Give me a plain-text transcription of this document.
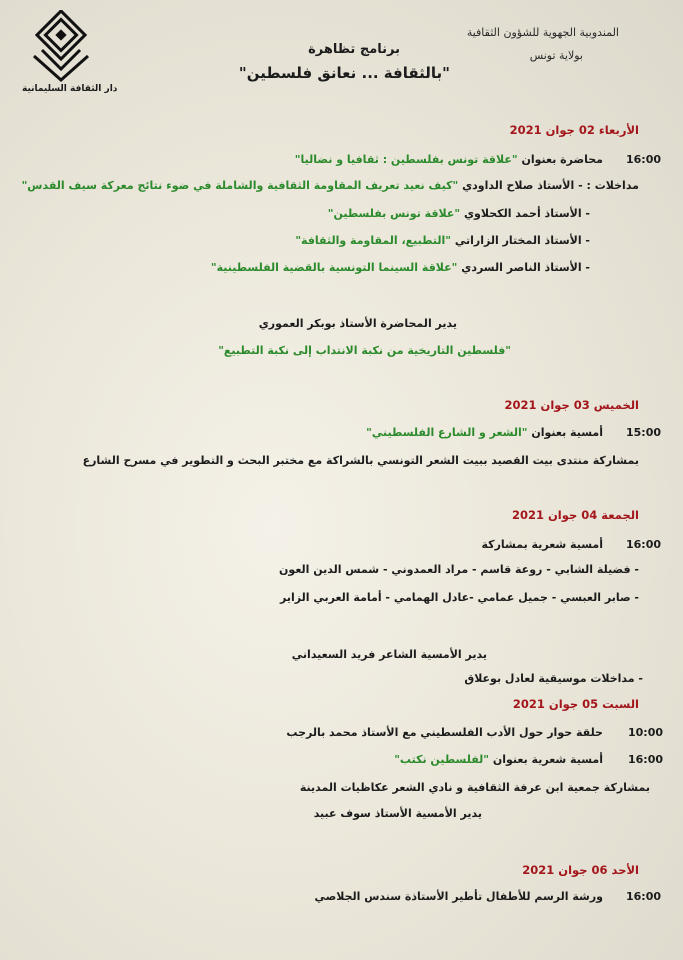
دار الثقافة السليمانية
المندوبية الجهوية للشؤون الثقافية
بولاية تونس
برنامج تظاهرة
"بالثقافة ... نعانق فلسطين"
الأربعاء 02 جوان 2021
16:00
محاضرة بعنوان "علاقة تونس بفلسطين : ثقافيا و نضاليا"
مداخلات : - الأستاذ صلاح الداودي "كيف نعيد تعريف المقاومة الثقافية والشاملة في ضوء نتائج معركة سيف القدس"
- الأستاذ أحمد الكحلاوي "علاقة تونس بفلسطين"
- الأستاذ المختار الزاراتي "التطبيع، المقاومة والثقافة"
- الأستاذ الناصر السردي "علاقة السينما التونسية بالقضية الفلسطينية"
يدير المحاضرة الأستاذ بوبكر العموري
"فلسطين التاريخية من نكبة الانتداب إلى نكبة التطبيع"
الخميس 03 جوان 2021
15:00
أمسية بعنوان "الشعر و الشارع الفلسطيني"
بمشاركة منتدى بيت القصيد ببيت الشعر التونسي بالشراكة مع مختبر البحث و التطوير في مسرح الشارع
الجمعة 04 جوان 2021
16:00
أمسية شعرية بمشاركة
- فضيلة الشابي - روعة قاسم - مراد العمدوني - شمس الدين العون
- صابر العبسي - جميل عمامي -عادل الهمامي - أمامة العربي الزاير
يدير الأمسية الشاعر فريد السعيداني
- مداخلات موسيقية لعادل بوعلاق
السبت 05 جوان 2021
10:00
حلقة حوار حول الأدب الفلسطيني مع الأستاذ محمد بالرجب
16:00
أمسية شعرية بعنوان "لفلسطين نكتب"
بمشاركة جمعية ابن عرفة الثقافية و نادي الشعر عكاظيات المدينة
يدير الأمسية الأستاذ سوف عبيد
الأحد 06 جوان 2021
16:00
ورشة الرسم للأطفال تأطير الأستاذة سندس الجلاصي
